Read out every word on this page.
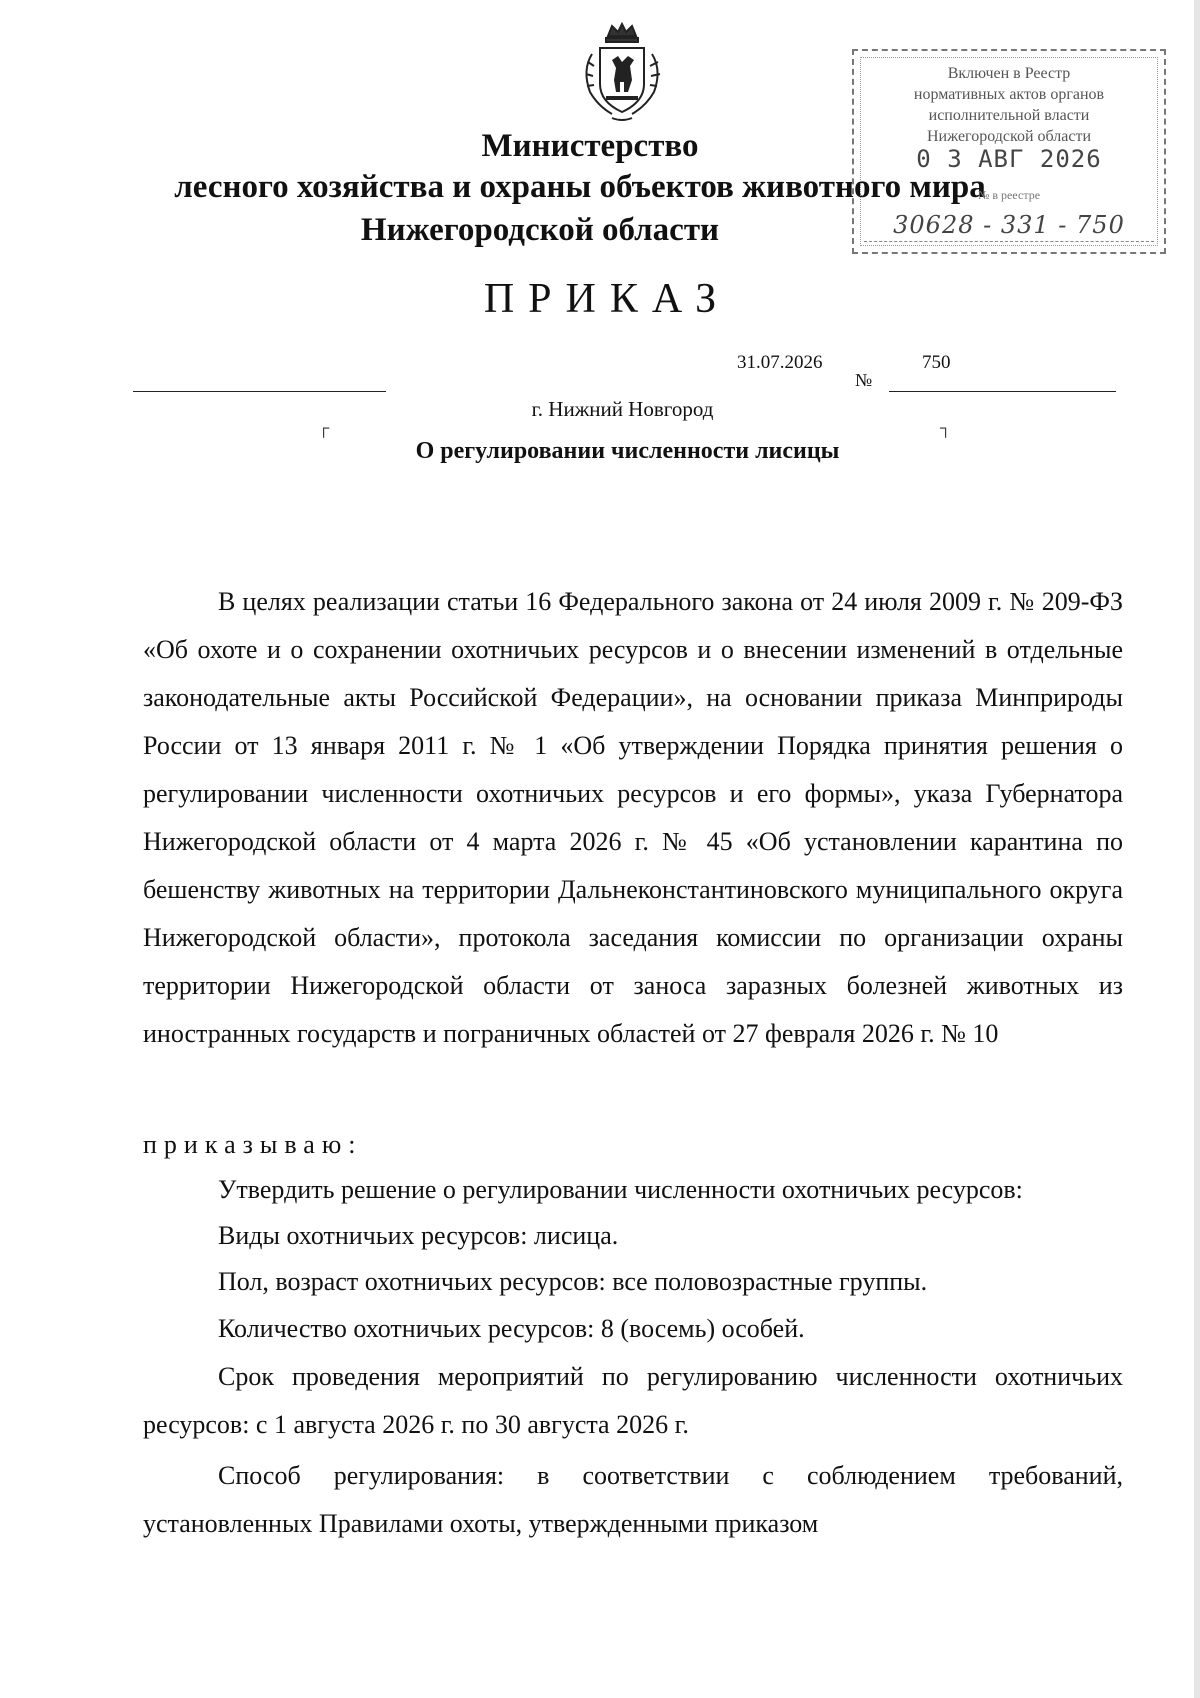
Министерство
лесного хозяйства и охраны объектов животного мира
Нижегородской области
Включен в Реестр
нормативных актов органов
исполнительной власти
Нижегородской области
0 3 АВГ 2026
№ в реестре
30628 - 331 - 750
ПРИКАЗ
31.07.2026
№
750
г. Нижний Новгород
┌	┐
О регулировании численности лисицы
В целях реализации статьи 16 Федерального закона от 24 июля 2009 г. № 209-ФЗ «Об охоте и о сохранении охотничьих ресурсов и о внесении изменений в отдельные законодательные акты Российской Федерации», на основании приказа Минприроды России от 13 января 2011 г. № 1 «Об утверждении Порядка принятия решения о регулировании численности охотничьих ресурсов и его формы», указа Губернатора Нижегородской области от 4 марта 2026 г. № 45 «Об установлении карантина по бешенству животных на территории Дальнеконстантиновского муниципального округа Нижегородской области», протокола заседания комиссии по организации охраны территории Нижегородской области от заноса заразных болезней животных из иностранных государств и пограничных областей от 27 февраля 2026 г. № 10
приказываю:
Утвердить решение о регулировании численности охотничьих ресурсов:
Виды охотничьих ресурсов: лисица.
Пол, возраст охотничьих ресурсов: все половозрастные группы.
Количество охотничьих ресурсов: 8 (восемь) особей.
Срок проведения мероприятий по регулированию численности охотничьих ресурсов: с 1 августа 2026 г. по 30 августа 2026 г.
Способ регулирования: в соответствии с соблюдением требований, установленных Правилами охоты, утвержденными приказом
